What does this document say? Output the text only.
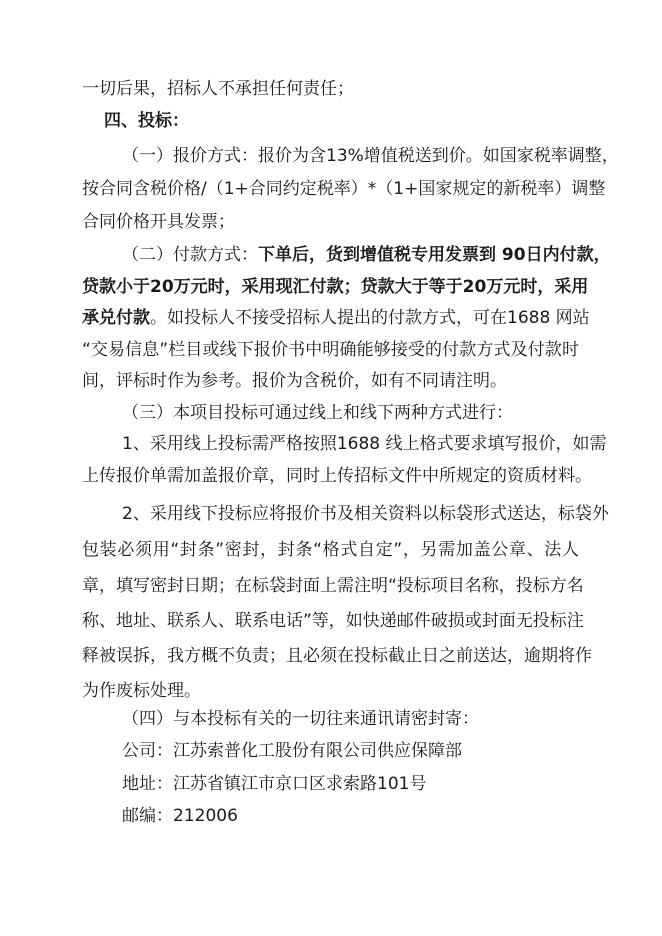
一切后果，招标人不承担任何责任；
四、投标：
（一）报价方式：报价为含13%增值税送到价。如国家税率调整，
按合同含税价格/（1+合同约定税率）*（1+国家规定的新税率）调整
合同价格开具发票；
（二）付款方式：下单后，货到增值税专用发票到 90日内付款，
贷款小于20万元时，采用现汇付款；贷款大于等于20万元时，采用
承兑付款。如投标人不接受招标人提出的付款方式，可在1688 网站
“交易信息”栏目或线下报价书中明确能够接受的付款方式及付款时
间，评标时作为参考。报价为含税价，如有不同请注明。
（三）本项目投标可通过线上和线下两种方式进行：
1、采用线上投标需严格按照1688 线上格式要求填写报价，如需
上传报价单需加盖报价章，同时上传招标文件中所规定的资质材料。
2、采用线下投标应将报价书及相关资料以标袋形式送达，标袋外
包装必须用“封条”密封，封条“格式自定”，另需加盖公章、法人
章，填写密封日期；在标袋封面上需注明“投标项目名称，投标方名
称、地址、联系人、联系电话”等，如快递邮件破损或封面无投标注
释被误拆，我方概不负责；且必须在投标截止日之前送达，逾期将作
为作废标处理。
（四）与本投标有关的一切往来通讯请密封寄：
公司：江苏索普化工股份有限公司供应保障部
地址：江苏省镇江市京口区求索路101号
邮编：212006
